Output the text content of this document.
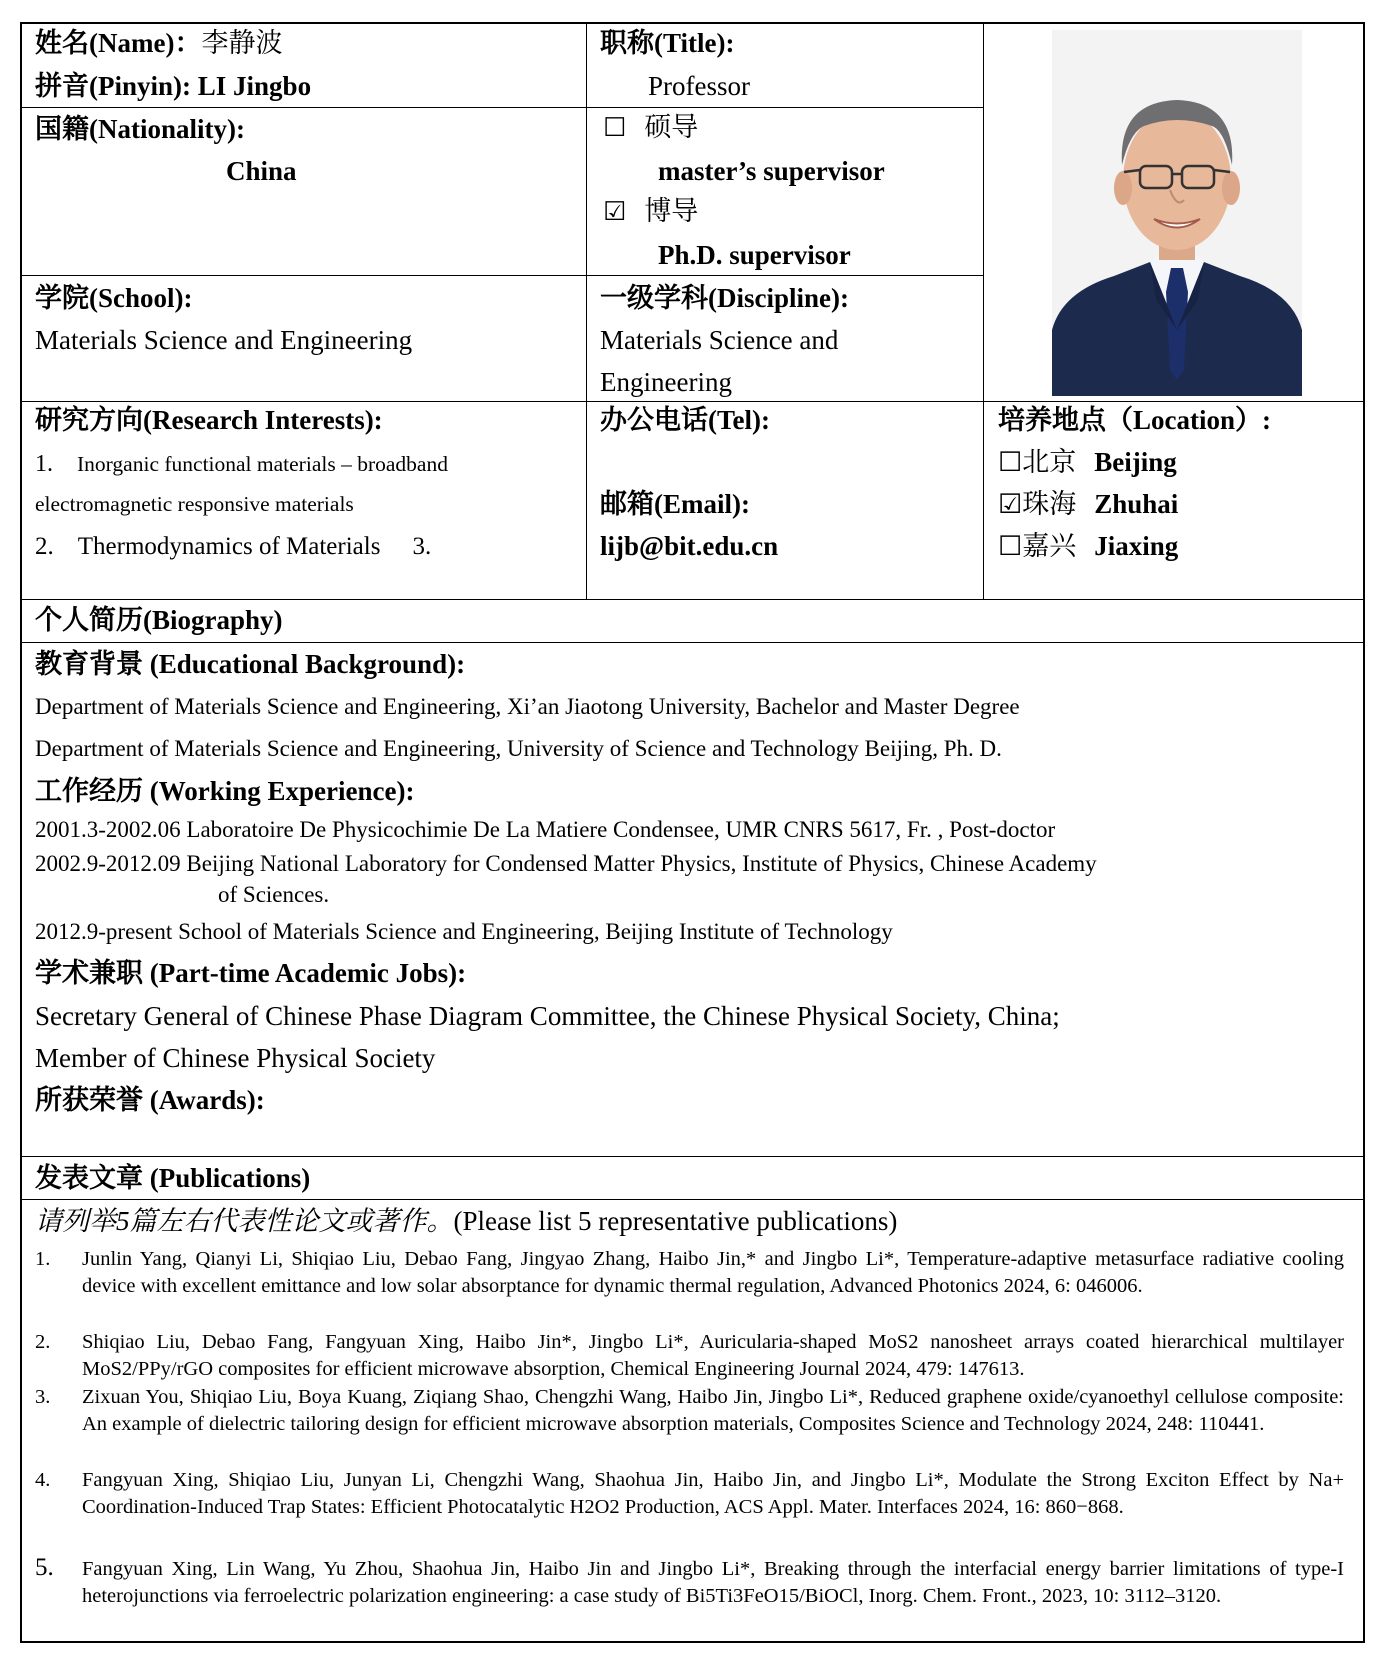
姓名(Name)：李静波
拼音(Pinyin): LI Jingbo
职称(Title):
Professor
国籍(Nationality):
China
☐ 硕导
master’s supervisor
☑ 博导
Ph.D. supervisor
学院(School):
Materials Science and Engineering
一级学科(Discipline):
Materials Science and
Engineering
研究方向(Research Interests):
1. Inorganic functional materials – broadband
electromagnetic responsive materials
2. Thermodynamics of Materials 3.
办公电话(Tel):
邮箱(Email):
lijb@bit.edu.cn
培养地点（Location）:
☐北京 Beijing
☑珠海 Zhuhai
☐嘉兴 Jiaxing
个人简历(Biography)
教育背景 (Educational Background):
Department of Materials Science and Engineering, Xi’an Jiaotong University, Bachelor and Master Degree
Department of Materials Science and Engineering, University of Science and Technology Beijing, Ph. D.
工作经历 (Working Experience):
2001.3-2002.06 Laboratoire De Physicochimie De La Matiere Condensee, UMR CNRS 5617, Fr. , Post-doctor
2002.9-2012.09 Beijing National Laboratory for Condensed Matter Physics, Institute of Physics, Chinese Academy
of Sciences.
2012.9-present School of Materials Science and Engineering, Beijing Institute of Technology
学术兼职 (Part-time Academic Jobs):
Secretary General of Chinese Phase Diagram Committee, the Chinese Physical Society, China;
Member of Chinese Physical Society
所获荣誉 (Awards):
发表文章 (Publications)
请列举5篇左右代表性论文或著作。(Please list 5 representative publications)
1. Junlin Yang, Qianyi Li, Shiqiao Liu, Debao Fang, Jingyao Zhang, Haibo Jin,* and Jingbo Li*, Temperature-adaptive metasurface radiative cooling device with excellent emittance and low solar absorptance for dynamic thermal regulation, Advanced Photonics 2024, 6: 046006.
2. Shiqiao Liu, Debao Fang, Fangyuan Xing, Haibo Jin*, Jingbo Li*, Auricularia-shaped MoS2 nanosheet arrays coated hierarchical multilayer MoS2/PPy/rGO composites for efficient microwave absorption, Chemical Engineering Journal 2024, 479: 147613.
3. Zixuan You, Shiqiao Liu, Boya Kuang, Ziqiang Shao, Chengzhi Wang, Haibo Jin, Jingbo Li*, Reduced graphene oxide/cyanoethyl cellulose composite: An example of dielectric tailoring design for efficient microwave absorption materials, Composites Science and Technology 2024, 248: 110441.
4. Fangyuan Xing, Shiqiao Liu, Junyan Li, Chengzhi Wang, Shaohua Jin, Haibo Jin, and Jingbo Li*, Modulate the Strong Exciton Effect by Na+ Coordination-Induced Trap States: Efficient Photocatalytic H2O2 Production, ACS Appl. Mater. Interfaces 2024, 16: 860−868.
5. Fangyuan Xing, Lin Wang, Yu Zhou, Shaohua Jin, Haibo Jin and Jingbo Li*, Breaking through the interfacial energy barrier limitations of type-I heterojunctions via ferroelectric polarization engineering: a case study of Bi5Ti3FeO15/BiOCl, Inorg. Chem. Front., 2023, 10: 3112–3120.
